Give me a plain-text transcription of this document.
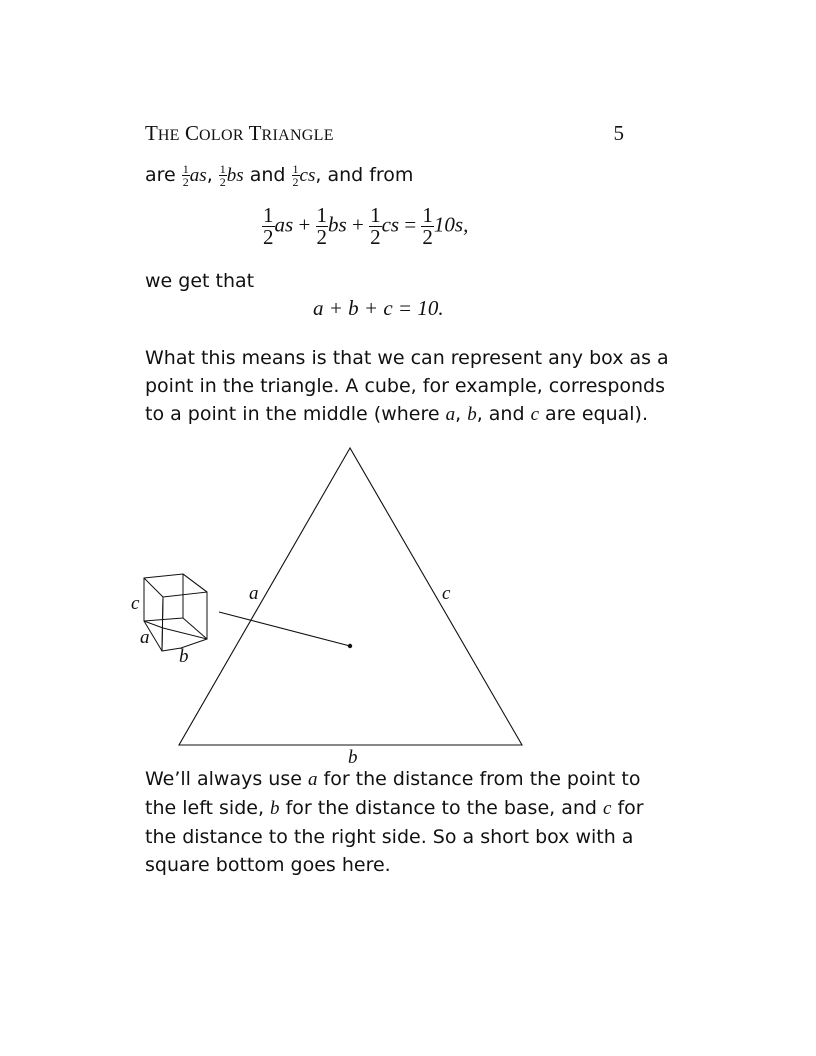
THE COLOR TRIANGLE	5
are $\frac{1}{2}$ as, $\frac{1}{2}$ bs and $\frac{1}{2}$ cs, and from
$\frac{1}{2}$ as + $\frac{1}{2}$ bs + $\frac{1}{2}$ cs = $\frac{1}{2} 10s$,
we get that
a + b + c = 10.
What this means is that we can represent any box as a
point in the triangle. A cube, for example, corresponds
to a point in the middle (where a, b, and c are equal).
a	c
b
c
a
b
We’ll always use a for the distance from the point to
the left side, b for the distance to the base, and c for
the distance to the right side. So a short box with a
square bottom goes here.
